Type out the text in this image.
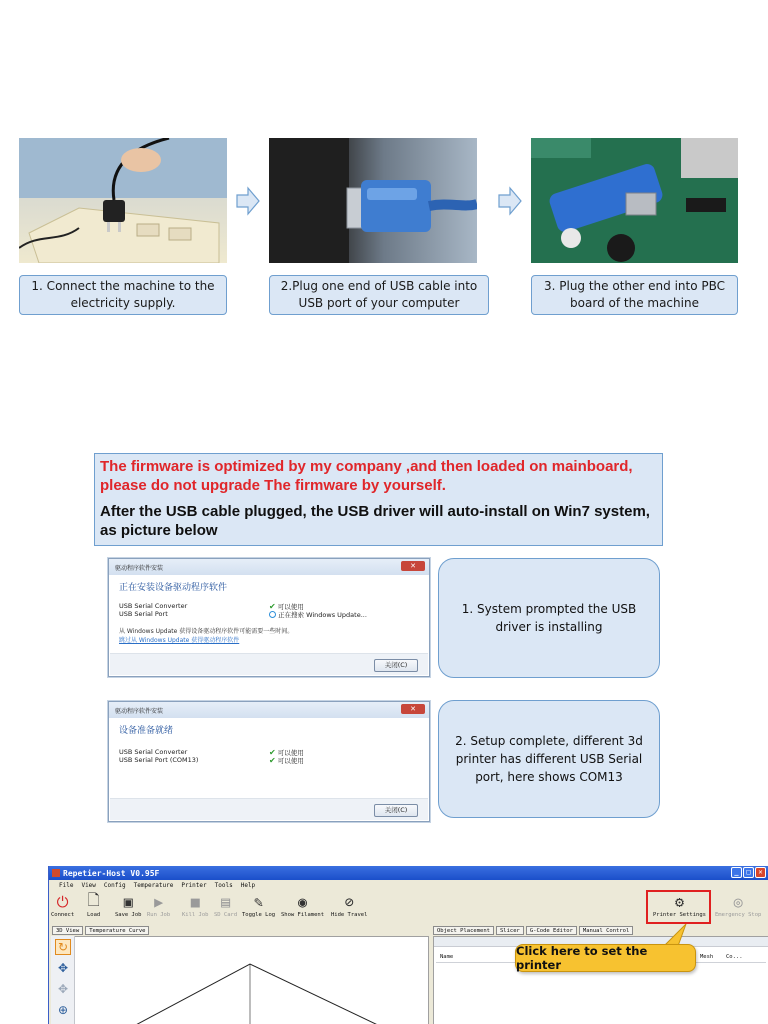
1. Connect the machine to the electricity supply.
2.Plug one end of USB cable into USB port of your computer
3. Plug the other end into PBC board of the machine
The firmware is optimized by my company ,and then loaded on mainboard, please do not upgrade The firmware by yourself.
After the USB cable plugged, the USB driver will auto-install on Win7 system, as picture below
驱动程序软件安装	✕
正在安装设备驱动程序软件
USB Serial Converter	✔ 可以使用
USB Serial Port	正在搜索 Windows Update...
从 Windows Update 获得设备驱动程序软件可能需要一些时间。
跳过从 Windows Update 获得驱动程序软件
关闭(C)
1. System prompted the USB driver is installing
驱动程序软件安装	✕
设备准备就绪
USB Serial Converter	✔ 可以使用
USB Serial Port (COM13)	✔ 可以使用
关闭(C)
2. Setup complete, different 3d printer has different USB Serial port, here shows COM13
Repetier-Host V0.95F	_	□	✕
File View Config Temperature Printer Tools Help
⏻
Connect
🗋
Load
▣
Save Job
▶
Run Job
■
Kill Job
▤
SD Card
✎
Toggle Log
◉
Show Filament
⊘
Hide Travel
⚙
Printer Settings
◎
Emergency Stop
3D View	Temperature Curve
↻
✥
✥
⊕
Object Placement	Slicer	G-Code Editor	Manual Control
Name	Mesh Co...
Click here to set the printer
